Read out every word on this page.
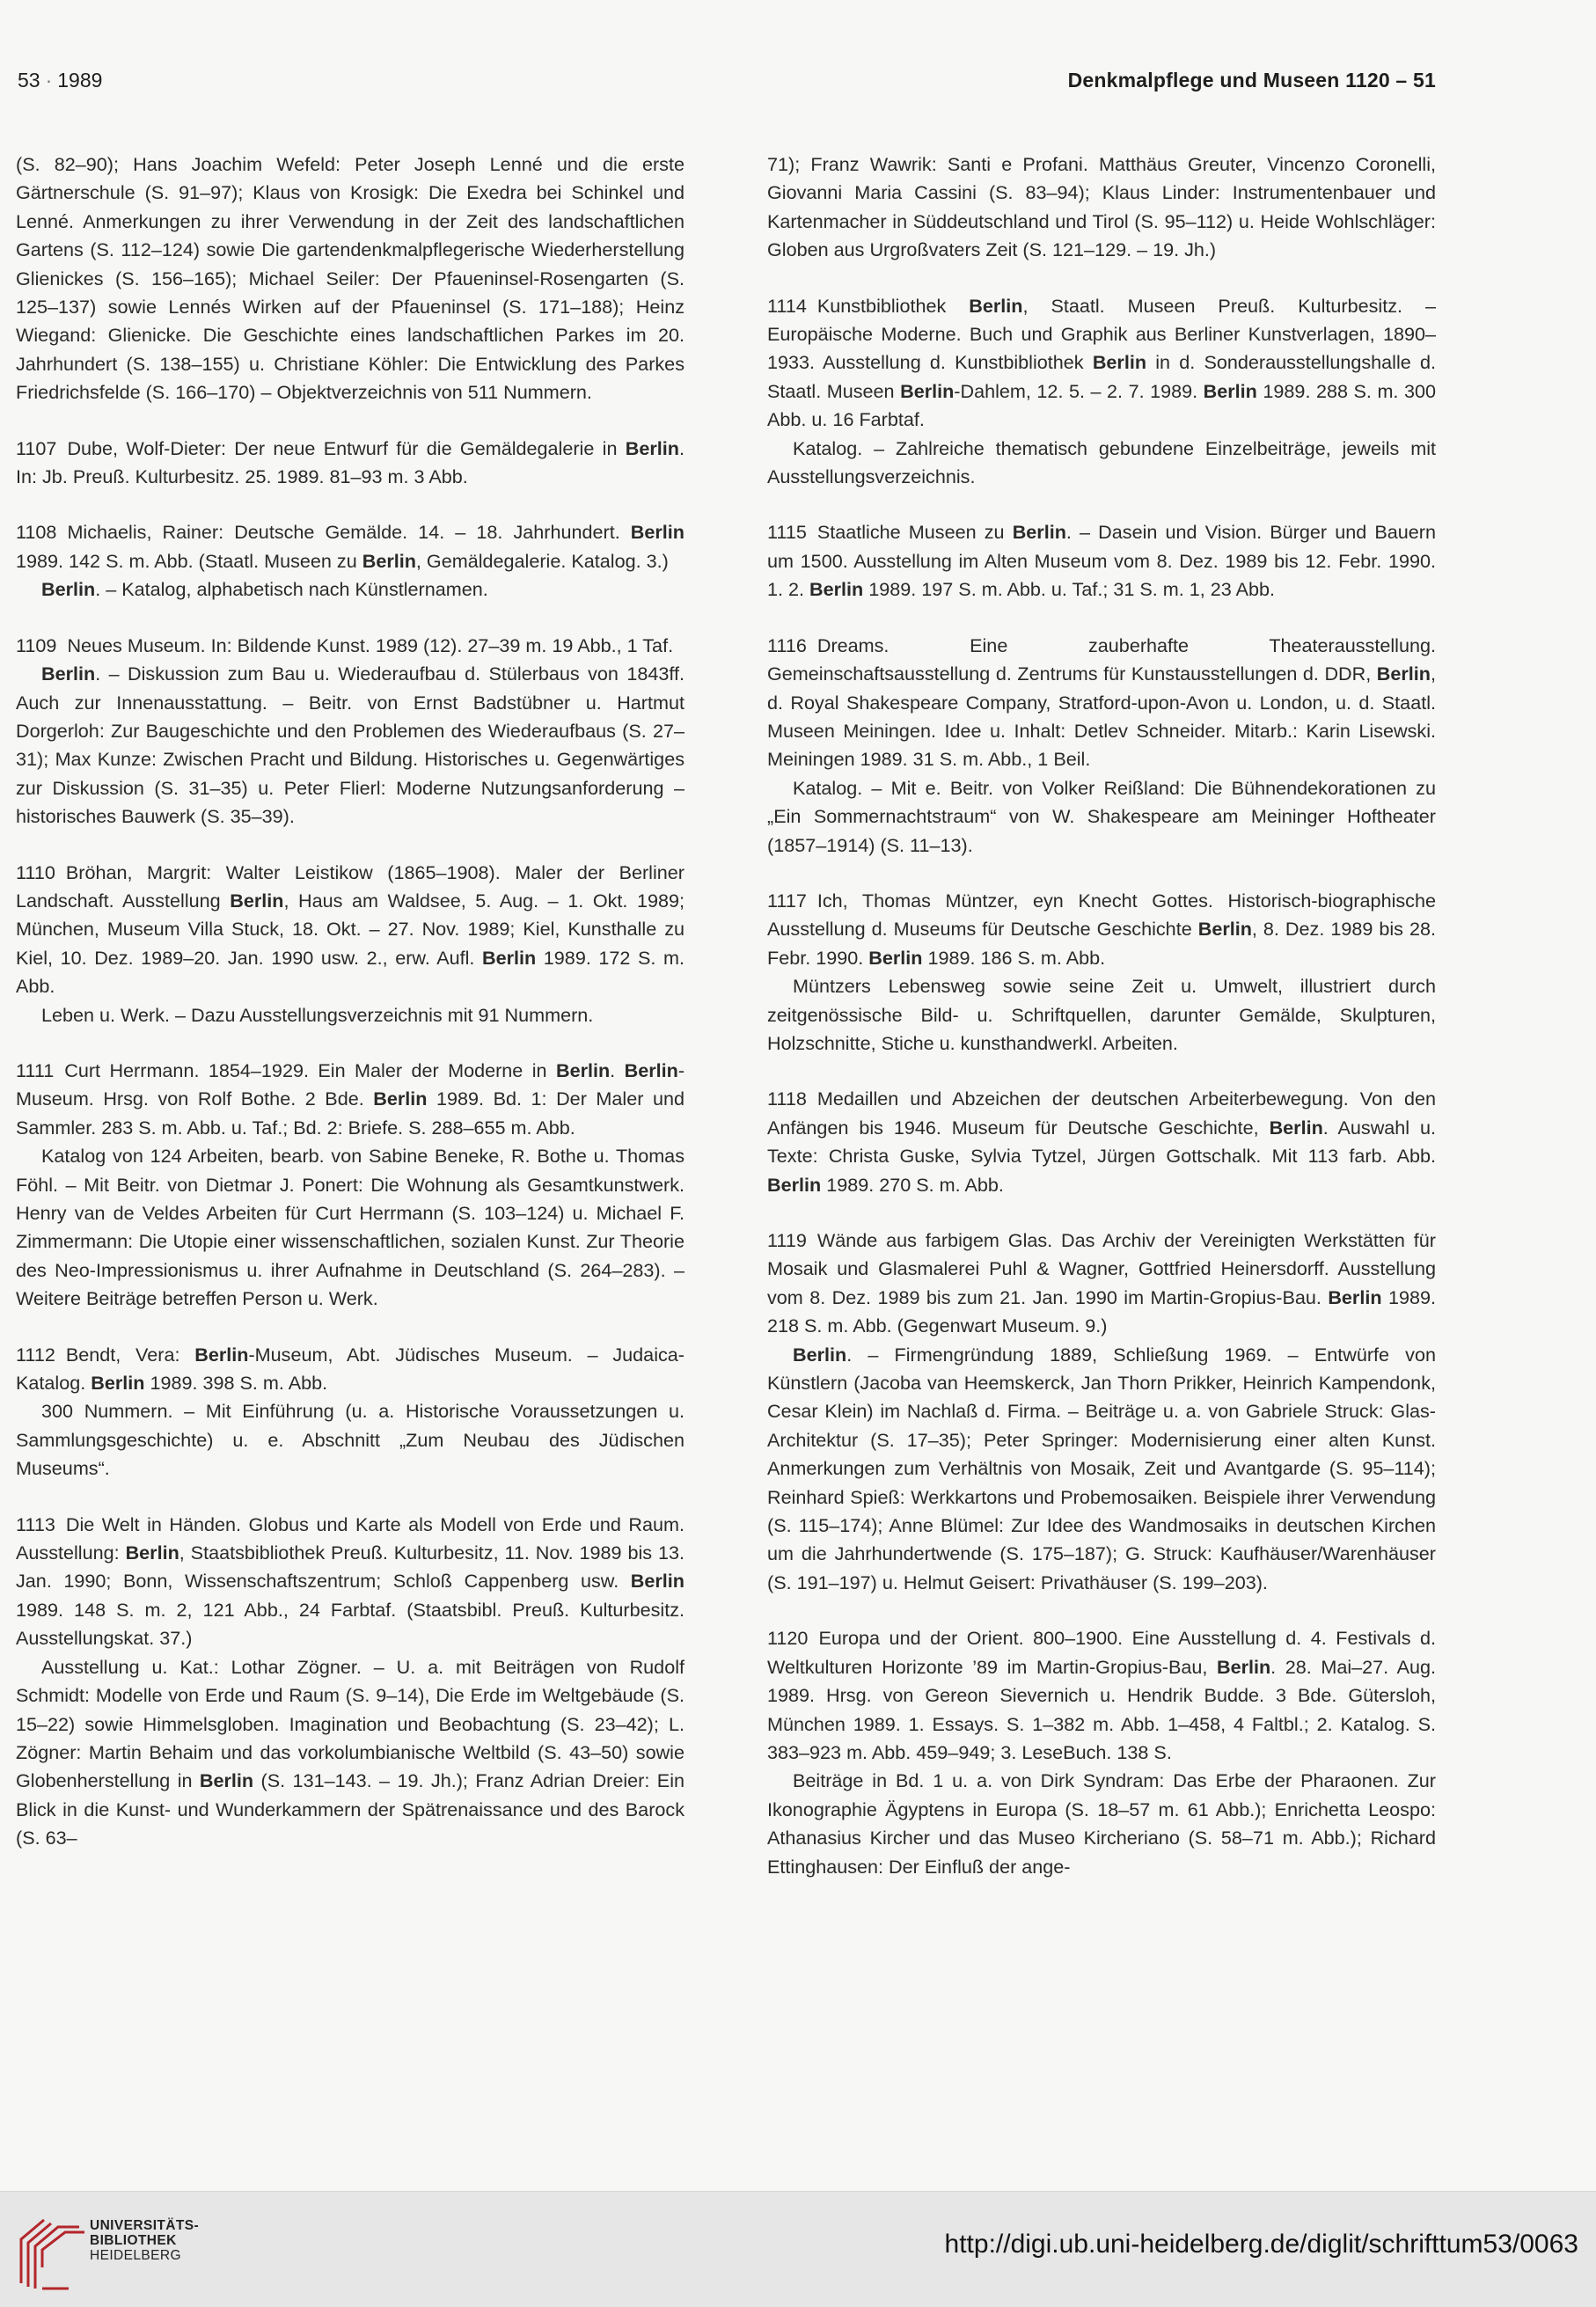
53 · 1989	Denkmalpflege und Museen 1120 – 51

(S. 82–90); Hans Joachim Wefeld: Peter Joseph Lenné und die erste Gärtnerschule (S. 91–97); Klaus von Krosigk: Die Exedra bei Schinkel und Lenné. Anmerkungen zu ihrer Verwendung in der Zeit des landschaftlichen Gartens (S. 112–124) sowie Die gartendenkmalpflegerische Wiederherstellung Glienickes (S. 156–165); Michael Seiler: Der Pfaueninsel-Rosengarten (S. 125–137) sowie Lennés Wirken auf der Pfaueninsel (S. 171–188); Heinz Wiegand: Glienicke. Die Geschichte eines landschaftlichen Parkes im 20. Jahrhundert (S. 138–155) u. Christiane Köhler: Die Entwicklung des Parkes Friedrichsfelde (S. 166–170) – Objektverzeichnis von 511 Nummern.

1107 Dube, Wolf-Dieter: Der neue Entwurf für die Gemäldegalerie in Berlin. In: Jb. Preuß. Kulturbesitz. 25. 1989. 81–93 m. 3 Abb.

1108 Michaelis, Rainer: Deutsche Gemälde. 14. – 18. Jahrhundert. Berlin 1989. 142 S. m. Abb. (Staatl. Museen zu Berlin, Gemäldegalerie. Katalog. 3.)

Berlin. – Katalog, alphabetisch nach Künstlernamen.

1109 Neues Museum. In: Bildende Kunst. 1989 (12). 27–39 m. 19 Abb., 1 Taf.

Berlin. – Diskussion zum Bau u. Wiederaufbau d. Stülerbaus von 1843ff. Auch zur Innenausstattung. – Beitr. von Ernst Badstübner u. Hartmut Dorgerloh: Zur Baugeschichte und den Problemen des Wiederaufbaus (S. 27–31); Max Kunze: Zwischen Pracht und Bildung. Historisches u. Gegenwärtiges zur Diskussion (S. 31–35) u. Peter Flierl: Moderne Nutzungsanforderung – historisches Bauwerk (S. 35–39).

1110 Bröhan, Margrit: Walter Leistikow (1865–1908). Maler der Berliner Landschaft. Ausstellung Berlin, Haus am Waldsee, 5. Aug. – 1. Okt. 1989; München, Museum Villa Stuck, 18. Okt. – 27. Nov. 1989; Kiel, Kunsthalle zu Kiel, 10. Dez. 1989–20. Jan. 1990 usw. 2., erw. Aufl. Berlin 1989. 172 S. m. Abb.

Leben u. Werk. – Dazu Ausstellungsverzeichnis mit 91 Nummern.

1111 Curt Herrmann. 1854–1929. Ein Maler der Moderne in Berlin. Berlin-Museum. Hrsg. von Rolf Bothe. 2 Bde. Berlin 1989. Bd. 1: Der Maler und Sammler. 283 S. m. Abb. u. Taf.; Bd. 2: Briefe. S. 288–655 m. Abb.

Katalog von 124 Arbeiten, bearb. von Sabine Beneke, R. Bothe u. Thomas Föhl. – Mit Beitr. von Dietmar J. Ponert: Die Wohnung als Gesamtkunstwerk. Henry van de Veldes Arbeiten für Curt Herrmann (S. 103–124) u. Michael F. Zimmermann: Die Utopie einer wissenschaftlichen, sozialen Kunst. Zur Theorie des Neo-Impressionismus u. ihrer Aufnahme in Deutschland (S. 264–283). – Weitere Beiträge betreffen Person u. Werk.

1112 Bendt, Vera: Berlin-Museum, Abt. Jüdisches Museum. – Judaica-Katalog. Berlin 1989. 398 S. m. Abb.

300 Nummern. – Mit Einführung (u. a. Historische Voraussetzungen u. Sammlungsgeschichte) u. e. Abschnitt „Zum Neubau des Jüdischen Museums“.

1113 Die Welt in Händen. Globus und Karte als Modell von Erde und Raum. Ausstellung: Berlin, Staatsbibliothek Preuß. Kulturbesitz, 11. Nov. 1989 bis 13. Jan. 1990; Bonn, Wissenschaftszentrum; Schloß Cappenberg usw. Berlin 1989. 148 S. m. 2, 121 Abb., 24 Farbtaf. (Staatsbibl. Preuß. Kulturbesitz. Ausstellungskat. 37.)

Ausstellung u. Kat.: Lothar Zögner. – U. a. mit Beiträgen von Rudolf Schmidt: Modelle von Erde und Raum (S. 9–14), Die Erde im Weltgebäude (S. 15–22) sowie Himmelsgloben. Imagination und Beobachtung (S. 23–42); L. Zögner: Martin Behaim und das vorkolumbianische Weltbild (S. 43–50) sowie Globenherstellung in Berlin (S. 131–143. – 19. Jh.); Franz Adrian Dreier: Ein Blick in die Kunst- und Wunderkammern der Spätrenaissance und des Barock (S. 63–

71); Franz Wawrik: Santi e Profani. Matthäus Greuter, Vincenzo Coronelli, Giovanni Maria Cassini (S. 83–94); Klaus Linder: Instrumentenbauer und Kartenmacher in Süddeutschland und Tirol (S. 95–112) u. Heide Wohlschläger: Globen aus Urgroßvaters Zeit (S. 121–129. – 19. Jh.)

1114 Kunstbibliothek Berlin, Staatl. Museen Preuß. Kulturbesitz. – Europäische Moderne. Buch und Graphik aus Berliner Kunstverlagen, 1890–1933. Ausstellung d. Kunstbibliothek Berlin in d. Sonderausstellungshalle d. Staatl. Museen Berlin-Dahlem, 12. 5. – 2. 7. 1989. Berlin 1989. 288 S. m. 300 Abb. u. 16 Farbtaf.

Katalog. – Zahlreiche thematisch gebundene Einzelbeiträge, jeweils mit Ausstellungsverzeichnis.

1115 Staatliche Museen zu Berlin. – Dasein und Vision. Bürger und Bauern um 1500. Ausstellung im Alten Museum vom 8. Dez. 1989 bis 12. Febr. 1990. 1. 2. Berlin 1989. 197 S. m. Abb. u. Taf.; 31 S. m. 1, 23 Abb.

1116 Dreams. Eine zauberhafte Theaterausstellung. Gemeinschaftsausstellung d. Zentrums für Kunstausstellungen d. DDR, Berlin, d. Royal Shakespeare Company, Stratford-upon-Avon u. London, u. d. Staatl. Museen Meiningen. Idee u. Inhalt: Detlev Schneider. Mitarb.: Karin Lisewski. Meiningen 1989. 31 S. m. Abb., 1 Beil.

Katalog. – Mit e. Beitr. von Volker Reißland: Die Bühnendekorationen zu „Ein Sommernachtstraum“ von W. Shakespeare am Meininger Hoftheater (1857–1914) (S. 11–13).

1117 Ich, Thomas Müntzer, eyn Knecht Gottes. Historisch-biographische Ausstellung d. Museums für Deutsche Geschichte Berlin, 8. Dez. 1989 bis 28. Febr. 1990. Berlin 1989. 186 S. m. Abb.

Müntzers Lebensweg sowie seine Zeit u. Umwelt, illustriert durch zeitgenössische Bild- u. Schriftquellen, darunter Gemälde, Skulpturen, Holzschnitte, Stiche u. kunsthandwerkl. Arbeiten.

1118 Medaillen und Abzeichen der deutschen Arbeiterbewegung. Von den Anfängen bis 1946. Museum für Deutsche Geschichte, Berlin. Auswahl u. Texte: Christa Guske, Sylvia Tytzel, Jürgen Gottschalk. Mit 113 farb. Abb. Berlin 1989. 270 S. m. Abb.

1119 Wände aus farbigem Glas. Das Archiv der Vereinigten Werkstätten für Mosaik und Glasmalerei Puhl & Wagner, Gottfried Heinersdorff. Ausstellung vom 8. Dez. 1989 bis zum 21. Jan. 1990 im Martin-Gropius-Bau. Berlin 1989. 218 S. m. Abb. (Gegenwart Museum. 9.)

Berlin. – Firmengründung 1889, Schließung 1969. – Entwürfe von Künstlern (Jacoba van Heemskerck, Jan Thorn Prikker, Heinrich Kampendonk, Cesar Klein) im Nachlaß d. Firma. – Beiträge u. a. von Gabriele Struck: Glas-Architektur (S. 17–35); Peter Springer: Modernisierung einer alten Kunst. Anmerkungen zum Verhältnis von Mosaik, Zeit und Avantgarde (S. 95–114); Reinhard Spieß: Werkkartons und Probemosaiken. Beispiele ihrer Verwendung (S. 115–174); Anne Blümel: Zur Idee des Wandmosaiks in deutschen Kirchen um die Jahrhundertwende (S. 175–187); G. Struck: Kaufhäuser/Warenhäuser (S. 191–197) u. Helmut Geisert: Privathäuser (S. 199–203).

1120 Europa und der Orient. 800–1900. Eine Ausstellung d. 4. Festivals d. Weltkulturen Horizonte ’89 im Martin-Gropius-Bau, Berlin. 28. Mai–27. Aug. 1989. Hrsg. von Gereon Sievernich u. Hendrik Budde. 3 Bde. Gütersloh, München 1989. 1. Essays. S. 1–382 m. Abb. 1–458, 4 Faltbl.; 2. Katalog. S. 383–923 m. Abb. 459–949; 3. LeseBuch. 138 S.

Beiträge in Bd. 1 u. a. von Dirk Syndram: Das Erbe der Pharaonen. Zur Ikonographie Ägyptens in Europa (S. 18–57 m. 61 Abb.); Enrichetta Leospo: Athanasius Kircher und das Museo Kircheriano (S. 58–71 m. Abb.); Richard Ettinghausen: Der Einfluß der ange-

UNIVERSITÄTS-
BIBLIOTHEK
HEIDELBERG	http://digi.ub.uni-heidelberg.de/diglit/schrifttum53/0063
